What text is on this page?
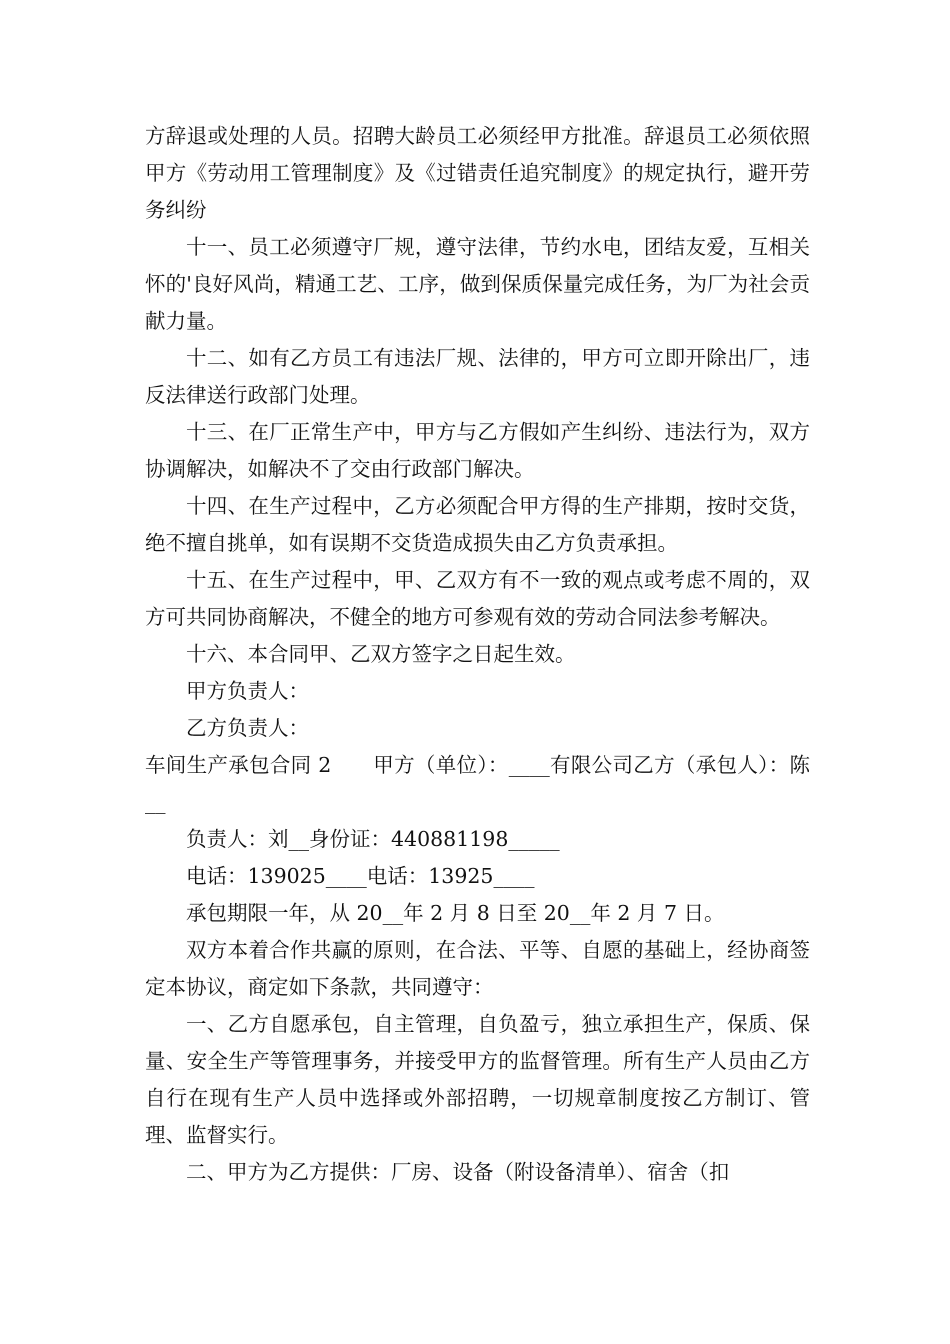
方辞退或处理的人员。招聘大龄员工必须经甲方批准。辞退员工必须依照甲方《劳动用工管理制度》及《过错责任追究制度》的规定执行，避开劳务纠纷

十一、员工必须遵守厂规，遵守法律，节约水电，团结友爱，互相关怀的'良好风尚，精通工艺、工序，做到保质保量完成任务，为厂为社会贡献力量。

十二、如有乙方员工有违法厂规、法律的，甲方可立即开除出厂，违反法律送行政部门处理。

十三、在厂正常生产中，甲方与乙方假如产生纠纷、违法行为，双方协调解决，如解决不了交由行政部门解决。

十四、在生产过程中，乙方必须配合甲方得的生产排期，按时交货，绝不擅自挑单，如有误期不交货造成损失由乙方负责承担。

十五、在生产过程中，甲、乙双方有不一致的观点或考虑不周的，双方可共同协商解决，不健全的地方可参观有效的劳动合同法参考解决。

十六、本合同甲、乙双方签字之日起生效。

甲方负责人：

乙方负责人：

车间生产承包合同 2　　甲方（单位）：____有限公司乙方（承包人）：陈__

负责人：刘__身份证：440881198_____

电话：139025____电话：13925____

承包期限一年，从 20__年 2 月 8 日至 20__年 2 月 7 日。

双方本着合作共赢的原则，在合法、平等、自愿的基础上，经协商签定本协议，商定如下条款，共同遵守：

一、乙方自愿承包，自主管理，自负盈亏，独立承担生产，保质、保量、安全生产等管理事务，并接受甲方的监督管理。所有生产人员由乙方自行在现有生产人员中选择或外部招聘，一切规章制度按乙方制订、管理、监督实行。

二、甲方为乙方提供：厂房、设备（附设备清单）、宿舍（扣
